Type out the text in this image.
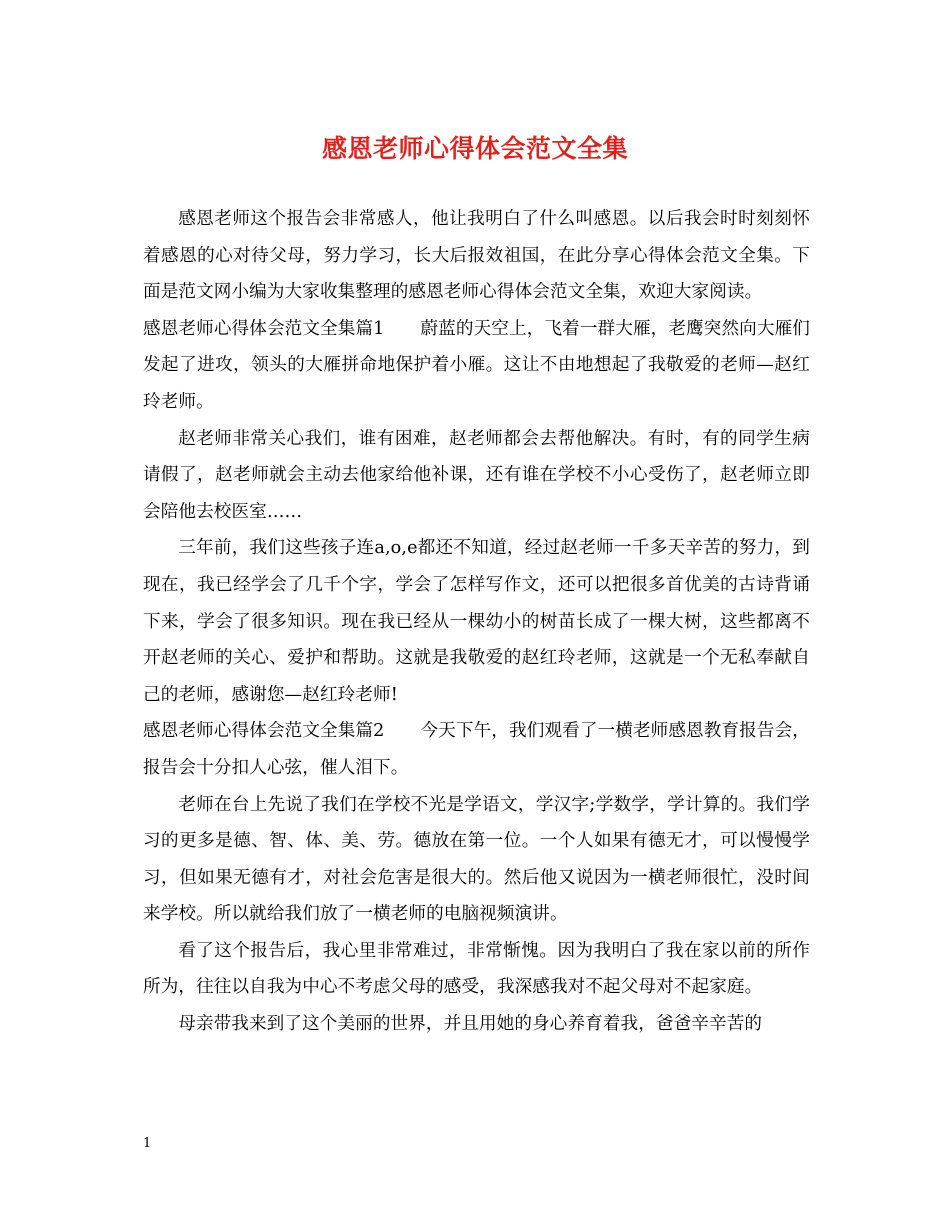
感恩老师心得体会范文全集

感恩老师这个报告会非常感人，他让我明白了什么叫感恩。以后我会时时刻刻怀着感恩的心对待父母，努力学习，长大后报效祖国，在此分享心得体会范文全集。下面是范文网小编为大家收集整理的感恩老师心得体会范文全集，欢迎大家阅读。

感恩老师心得体会范文全集篇1 蔚蓝的天空上，飞着一群大雁，老鹰突然向大雁们发起了进攻，领头的大雁拼命地保护着小雁。这让不由地想起了我敬爱的老师—赵红玲老师。

赵老师非常关心我们，谁有困难，赵老师都会去帮他解决。有时，有的同学生病请假了，赵老师就会主动去他家给他补课，还有谁在学校不小心受伤了，赵老师立即会陪他去校医室……

三年前，我们这些孩子连a,o,e都还不知道，经过赵老师一千多天辛苦的努力，到现在，我已经学会了几千个字，学会了怎样写作文，还可以把很多首优美的古诗背诵下来，学会了很多知识。现在我已经从一棵幼小的树苗长成了一棵大树，这些都离不开赵老师的关心、爱护和帮助。这就是我敬爱的赵红玲老师，这就是一个无私奉献自己的老师，感谢您—赵红玲老师!

感恩老师心得体会范文全集篇2 今天下午，我们观看了一横老师感恩教育报告会，报告会十分扣人心弦，催人泪下。

老师在台上先说了我们在学校不光是学语文，学汉字;学数学，学计算的。我们学习的更多是德、智、体、美、劳。德放在第一位。一个人如果有德无才，可以慢慢学习，但如果无德有才，对社会危害是很大的。然后他又说因为一横老师很忙，没时间来学校。所以就给我们放了一横老师的电脑视频演讲。

看了这个报告后，我心里非常难过，非常惭愧。因为我明白了我在家以前的所作所为，往往以自我为中心不考虑父母的感受，我深感我对不起父母对不起家庭。

母亲带我来到了这个美丽的世界，并且用她的身心养育着我，爸爸辛辛苦的

1
